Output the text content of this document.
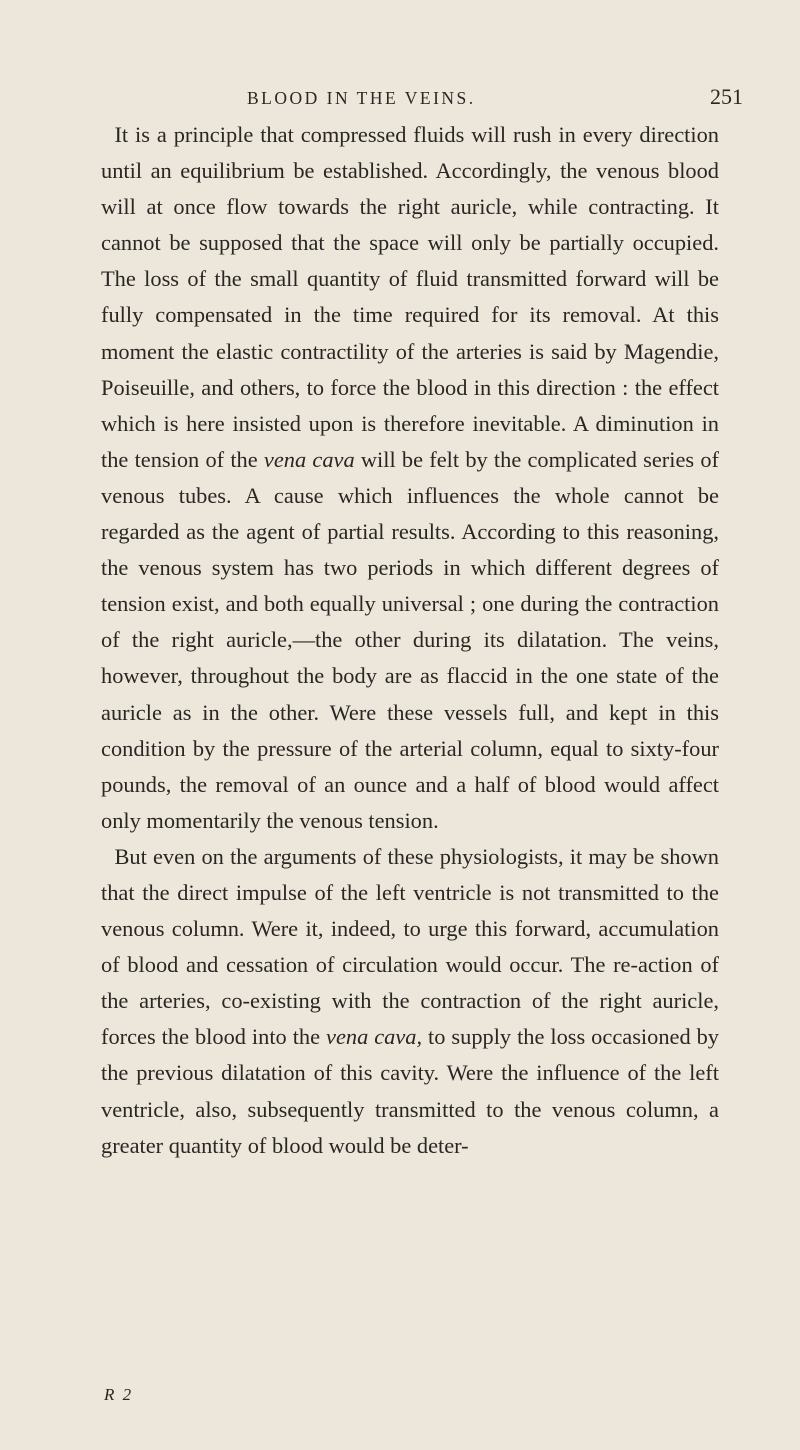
BLOOD IN THE VEINS.	251

It is a principle that compressed fluids will rush in every direction until an equilibrium be established. Accordingly, the venous blood will at once flow towards the right auricle, while contracting. It cannot be supposed that the space will only be partially occupied. The loss of the small quantity of fluid transmitted forward will be fully compensated in the time required for its removal. At this moment the elastic contractility of the arteries is said by Magendie, Poiseuille, and others, to force the blood in this direction : the effect which is here insisted upon is therefore inevitable. A diminution in the tension of the vena cava will be felt by the complicated series of venous tubes. A cause which influences the whole cannot be regarded as the agent of partial results. According to this reasoning, the venous system has two periods in which different degrees of tension exist, and both equally universal ; one during the contraction of the right auricle,—the other during its dilatation. The veins, however, throughout the body are as flaccid in the one state of the auricle as in the other. Were these vessels full, and kept in this condition by the pressure of the arterial column, equal to sixty-four pounds, the removal of an ounce and a half of blood would affect only momentarily the venous tension.

But even on the arguments of these physiologists, it may be shown that the direct impulse of the left ventricle is not transmitted to the venous column. Were it, indeed, to urge this forward, accumulation of blood and cessation of circulation would occur. The re-action of the arteries, co-existing with the contraction of the right auricle, forces the blood into the vena cava, to supply the loss occasioned by the previous dilatation of this cavity. Were the influence of the left ventricle, also, subsequently transmitted to the venous column, a greater quantity of blood would be deter-

R 2
